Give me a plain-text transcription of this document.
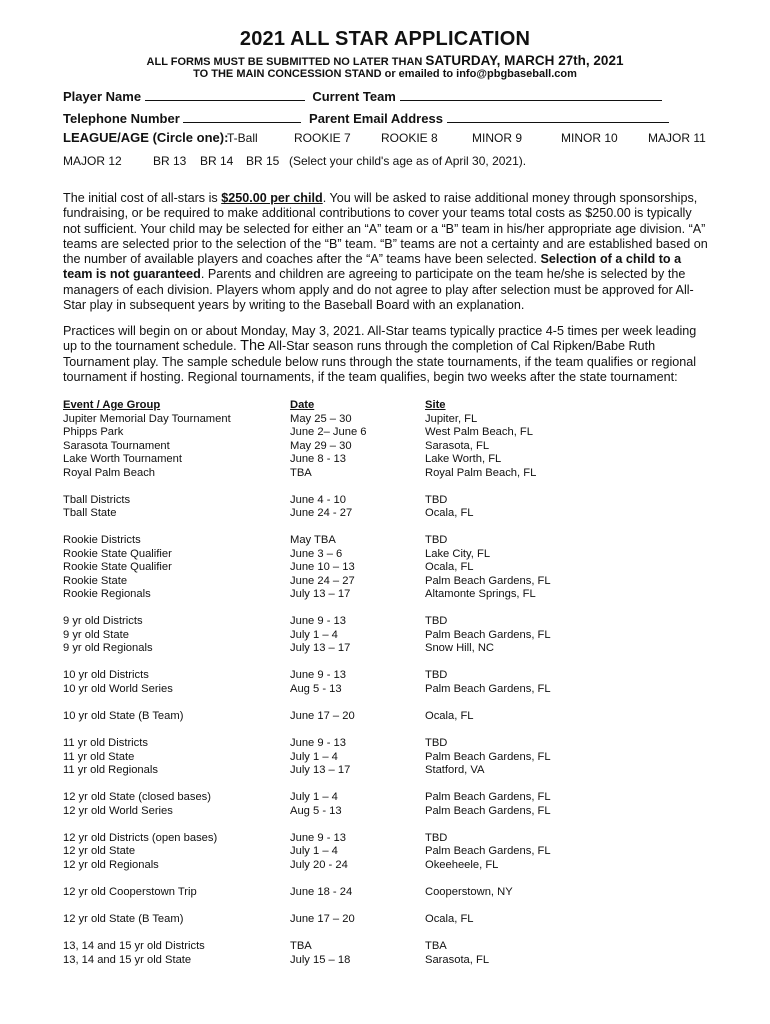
2021 ALL STAR APPLICATION
ALL FORMS MUST BE SUBMITTED NO LATER THAN SATURDAY, MARCH 27th, 2021
TO THE MAIN CONCESSION STAND or emailed to info@pbgbaseball.com
Player Name	Current Team
Telephone Number	Parent Email Address
LEAGUE/AGE (Circle one):
T-Ball	ROOKIE 7	ROOKIE 8	MINOR 9	MINOR 10	MAJOR 11
MAJOR 12	BR 13 BR 14 BR 15 (Select your child's age as of April 30, 2021).

The initial cost of all-stars is $250.00 per child. You will be asked to raise additional money through sponsorships, fundraising, or be required to make additional contributions to cover your teams total costs as $250.00 is typically not sufficient. Your child may be selected for either an “A” team or a “B” team in his/her appropriate age division. “A” teams are selected prior to the selection of the “B” team. “B” teams are not a certainty and are established based on the number of available players and coaches after the “A” teams have been selected. Selection of a child to a team is not guaranteed. Parents and children are agreeing to participate on the team he/she is selected by the managers of each division. Players whom apply and do not agree to play after selection must be approved for All-Star play in subsequent years by writing to the Baseball Board with an explanation.

Practices will begin on or about Monday, May 3, 2021. All-Star teams typically practice 4-5 times per week leading up to the tournament schedule. The All-Star season runs through the completion of Cal Ripken/Babe Ruth Tournament play. The sample schedule below runs through the state tournaments, if the team qualifies or regional tournament if hosting. Regional tournaments, if the team qualifies, begin two weeks after the state tournament:

Event / Age Group	Date	Site
Jupiter Memorial Day Tournament	May 25 – 30	Jupiter, FL
Phipps Park	June 2– June 6	West Palm Beach, FL
Sarasota Tournament	May 29 – 30	Sarasota, FL
Lake Worth Tournament	June 8 - 13	Lake Worth, FL
Royal Palm Beach	TBA	Royal Palm Beach, FL
Tball Districts	June 4 - 10	TBD
Tball State	June 24 - 27	Ocala, FL
Rookie Districts	May TBA	TBD
Rookie State Qualifier	June 3 – 6	Lake City, FL
Rookie State Qualifier	June 10 – 13	Ocala, FL
Rookie State	June 24 – 27	Palm Beach Gardens, FL
Rookie Regionals	July 13 – 17	Altamonte Springs, FL
9 yr old Districts	June 9 - 13	TBD
9 yr old State	July 1 – 4	Palm Beach Gardens, FL
9 yr old Regionals	July 13 – 17	Snow Hill, NC
10 yr old Districts	June 9 - 13	TBD
10 yr old World Series	Aug 5 - 13	Palm Beach Gardens, FL
10 yr old State (B Team)	June 17 – 20	Ocala, FL
11 yr old Districts	June 9 - 13	TBD
11 yr old State	July 1 – 4	Palm Beach Gardens, FL
11 yr old Regionals	July 13 – 17	Statford, VA
12 yr old State (closed bases)	July 1 – 4	Palm Beach Gardens, FL
12 yr old World Series	Aug 5 - 13	Palm Beach Gardens, FL
12 yr old Districts (open bases)	June 9 - 13	TBD
12 yr old State	July 1 – 4	Palm Beach Gardens, FL
12 yr old Regionals	July 20 - 24	Okeeheele, FL
12 yr old Cooperstown Trip	June 18 - 24	Cooperstown, NY
12 yr old State (B Team)	June 17 – 20	Ocala, FL
13, 14 and 15 yr old Districts	TBA	TBA
13, 14 and 15 yr old State	July 15 – 18	Sarasota, FL
